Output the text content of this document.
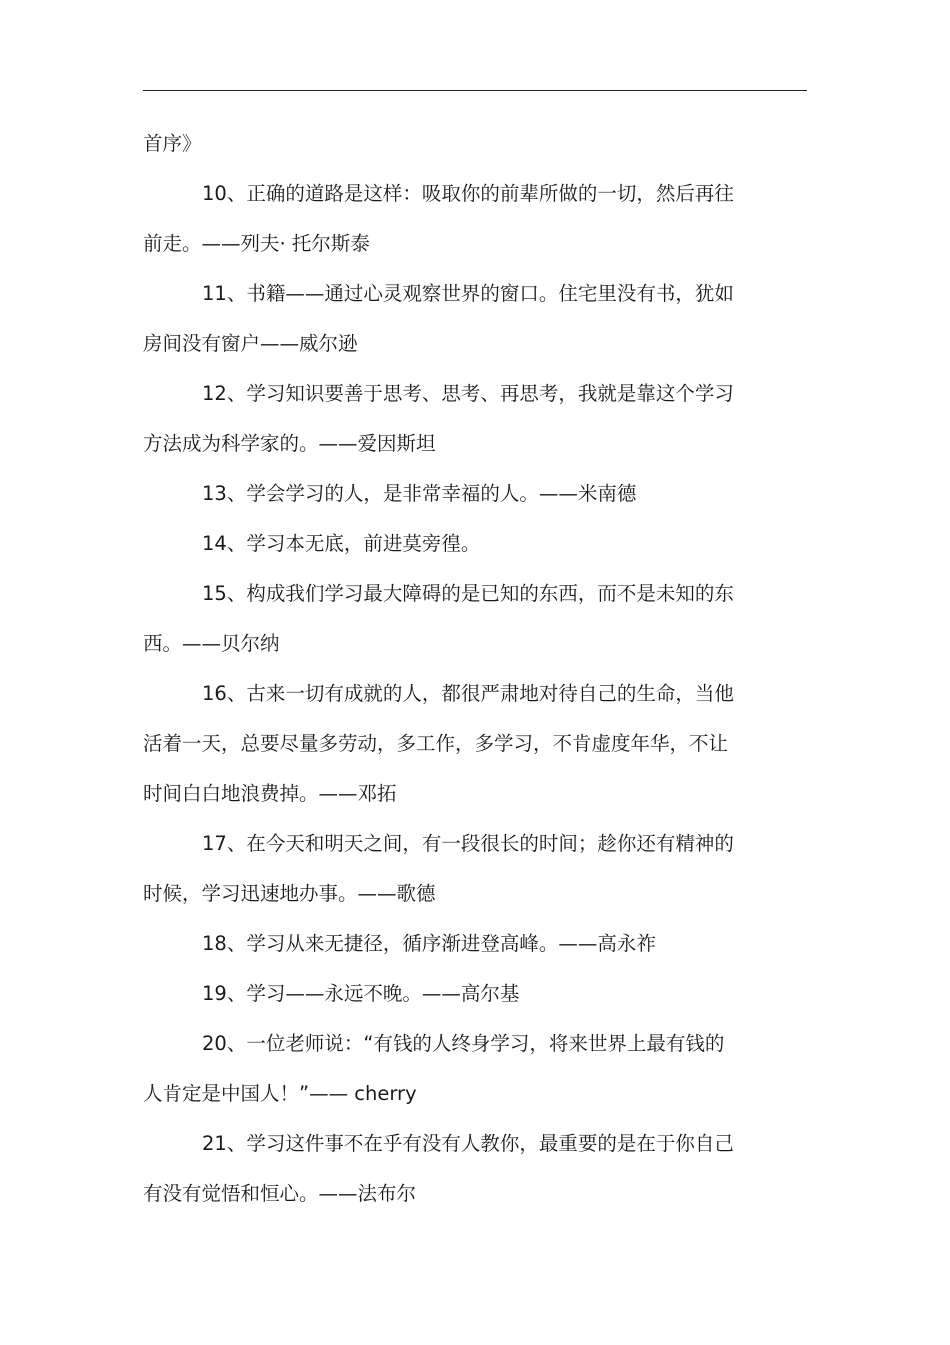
首序》
10、正确的道路是这样：吸取你的前辈所做的一切，然后再往
前走。——列夫· 托尔斯泰
11、书籍——通过心灵观察世界的窗口。住宅里没有书，犹如
房间没有窗户——威尔逊
12、学习知识要善于思考、思考、再思考，我就是靠这个学习
方法成为科学家的。——爱因斯坦
13、学会学习的人，是非常幸福的人。——米南德
14、学习本无底，前进莫旁徨。
15、构成我们学习最大障碍的是已知的东西，而不是未知的东
西。——贝尔纳
16、古来一切有成就的人，都很严肃地对待自己的生命，当他
活着一天，总要尽量多劳动，多工作，多学习，不肯虚度年华，不让
时间白白地浪费掉。——邓拓
17、在今天和明天之间，有一段很长的时间；趁你还有精神的
时候，学习迅速地办事。——歌德
18、学习从来无捷径，循序渐进登高峰。——高永祚
19、学习——永远不晚。——高尔基
20、一位老师说：“有钱的人终身学习，将来世界上最有钱的
人肯定是中国人！”—— cherry
21、学习这件事不在乎有没有人教你，最重要的是在于你自己
有没有觉悟和恒心。——法布尔
